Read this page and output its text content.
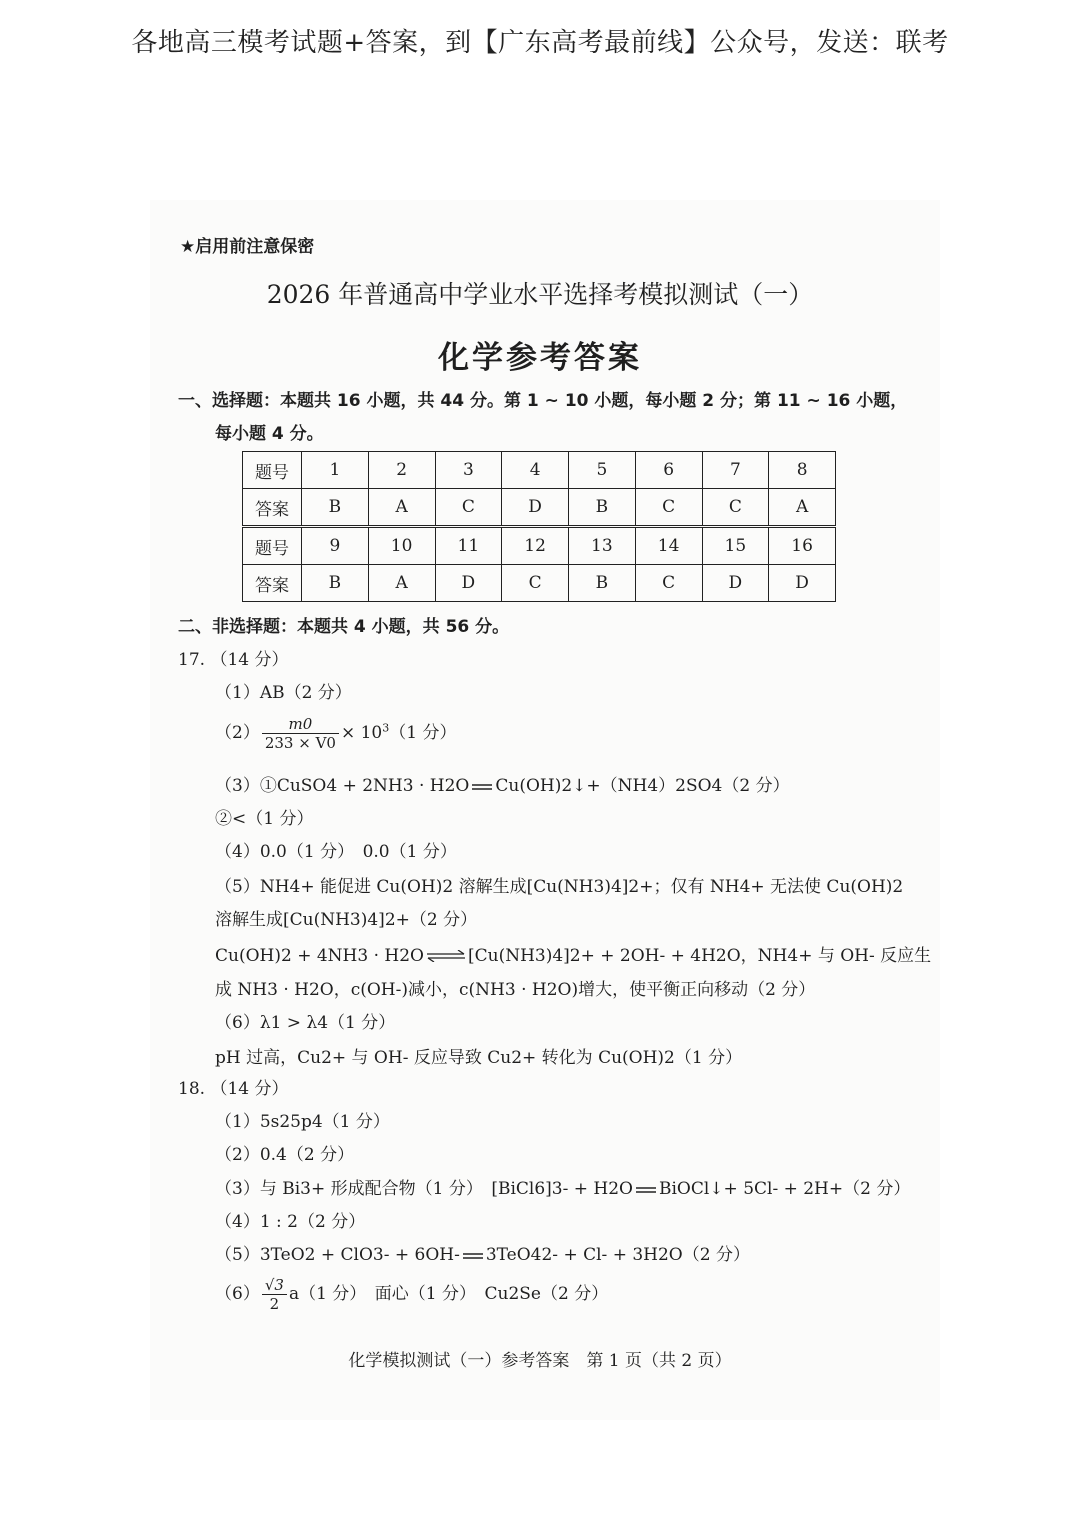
各地高三模考试题+答案，到【广东高考最前线】公众号，发送：联考
★启用前注意保密
2026 年普通高中学业水平选择考模拟测试（一）
化学参考答案
一、选择题：本题共 16 小题，共 44 分。第 1 ~ 10 小题，每小题 2 分；第 11 ~ 16 小题，
每小题 4 分。
题号	1	2	3	4	5	6	7	8
答案	B	A	C	D	B	C	C	A
题号	9	10	11	12	13	14	15	16
答案	B	A	D	C	B	C	D	D
二、非选择题：本题共 4 小题，共 56 分。
17. （14 分）
（1）AB（2 分）
$(2) \frac{m0}{233 \times V0} \times 10^3(1$ 分）
（3）①CuSO4 + 2NH3 · H2O Cu(OH)2↓+（NH4）2SO4（2 分）
②<（1 分）
（4）0.0（1 分）　0.0（1 分）
（5）NH4+ 能促进 Cu(OH)2 溶解生成[Cu(NH3)4]2+；仅有 NH4+ 无法使 Cu(OH)2
溶解生成[Cu(NH3)4]2+（2 分）
Cu(OH)2 + 4NH3 · H2O ⇌ [Cu(NH3)4]2+ + 2OH- + 4H2O，NH4+ 与 OH- 反应生
成 NH3 · H2O，c(OH-)减小，c(NH3 · H2O)增大，使平衡正向移动（2 分）
（6）λ1 > λ4（1 分）
pH 过高，Cu2+ 与 OH- 反应导致 Cu2+ 转化为 Cu(OH)2（1 分）
18. （14 分）
（1）5s25p4（1 分）
（2）0.4（2 分）
（3）与 Bi3+ 形成配合物（1 分）　[BiCl6]3- + H2O BiOCl↓+ 5Cl- + 2H+（2 分）
（4）1 : 2（2 分）
（5）3TeO2 + ClO3- + 6OH- 3TeO42- + Cl- + 3H2O（2 分）
$(6) \frac{√3}{2} a(1$ 分）　面心（1 分）　Cu2Se（2 分）
化学模拟测试（一）参考答案　第 1 页（共 2 页）
